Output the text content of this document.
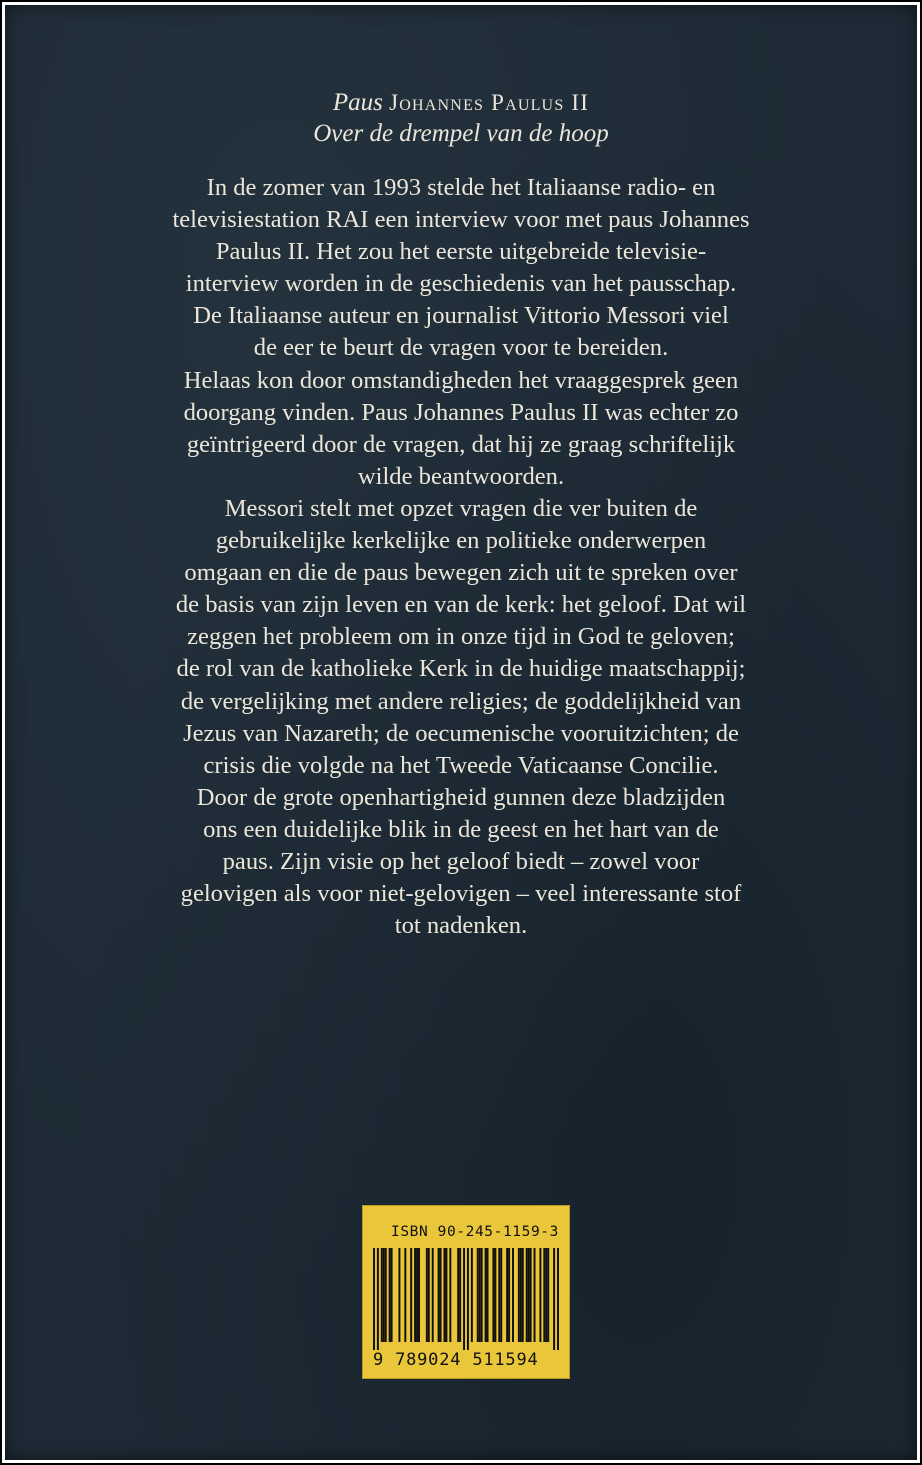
Paus Johannes Paulus II
Over de drempel van de hoop

In de zomer van 1993 stelde het Italiaanse radio- en
televisiestation RAI een interview voor met paus Johannes
Paulus II. Het zou het eerste uitgebreide televisie-
interview worden in de geschiedenis van het pausschap.
De Italiaanse auteur en journalist Vittorio Messori viel
de eer te beurt de vragen voor te bereiden.
Helaas kon door omstandigheden het vraaggesprek geen
doorgang vinden. Paus Johannes Paulus II was echter zo
geïntrigeerd door de vragen, dat hij ze graag schriftelijk
wilde beantwoorden.
Messori stelt met opzet vragen die ver buiten de
gebruikelijke kerkelijke en politieke onderwerpen
omgaan en die de paus bewegen zich uit te spreken over
de basis van zijn leven en van de kerk: het geloof. Dat wil
zeggen het probleem om in onze tijd in God te geloven;
de rol van de katholieke Kerk in de huidige maatschappij;
de vergelijking met andere religies; de goddelijkheid van
Jezus van Nazareth; de oecumenische vooruitzichten; de
crisis die volgde na het Tweede Vaticaanse Concilie.
Door de grote openhartigheid gunnen deze bladzijden
ons een duidelijke blik in de geest en het hart van de
paus. Zijn visie op het geloof biedt – zowel voor
gelovigen als voor niet-gelovigen – veel interessante stof
tot nadenken.

ISBN 90-245-1159-3
9 789024 511594
